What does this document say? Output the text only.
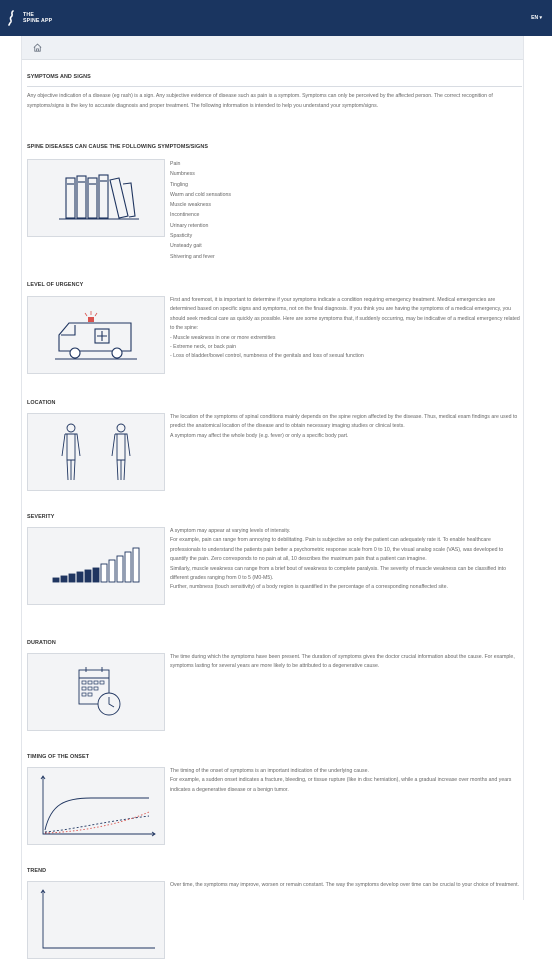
THE
SPINE APP	EN ▾
SYMPTOMS AND SIGNS
Any objective indication of a disease (eg rash) is a sign. Any subjective evidence of disease such as pain is a symptom. Symptoms can only be perceived by the affected person. The correct recognition of symptoms/signs is the key to accurate diagnosis and proper treatment. The following information is intended to help you understand your symptom/signs.
SPINE DISEASES CAN CAUSE THE FOLLOWING SYMPTOMS/SIGNS
Pain
Numbness
Tingling
Warm and cold sensations
Muscle weakness
Incontinence
Urinary retention
Spasticity
Unsteady gait
Shivering and fever
LEVEL OF URGENCY
First and foremost, it is important to determine if your symptoms indicate a condition requiring emergency treatment. Medical emergencies are determined based on specific signs and symptoms, not on the final diagnosis. If you think you are having the symptoms of a medical emergency, you should seek medical care as quickly as possible. Here are some symptoms that, if suddenly occurring, may be indicative of a medical emergency related to the spine:
- Muscle weakness in one or more extremities
- Extreme neck, or back pain
- Loss of bladder/bowel control, numbness of the genitals and loss of sexual function
LOCATION
The location of the symptoms of spinal conditions mainly depends on the spine region affected by the disease. Thus, medical exam findings are used to predict the anatomical location of the disease and to obtain necessary imaging studies or clinical tests.
A symptom may affect the whole body (e.g. fever) or only a specific body part.
SEVERITY
A symptom may appear at varying levels of intensity.
For example, pain can range from annoying to debilitating. Pain is subjective so only the patient can adequately rate it. To enable healthcare professionals to understand the patients pain better a psychometric response scale from 0 to 10, the visual analog scale (VAS), was developed to quantify the pain. Zero corresponds to no pain at all, 10 describes the maximum pain that a patient can imagine.
Similarly, muscle weakness can range from a brief bout of weakness to complete paralysis. The severity of muscle weakness can be classified into different grades ranging from 0 to 5 (M0-M5).
Further, numbness (touch sensitivity) of a body region is quantified in the percentage of a corresponding nonaffected site.
DURATION
The time during which the symptoms have been present. The duration of symptoms gives the doctor crucial information about the cause. For example, symptoms lasting for several years are more likely to be attributed to a degenerative cause.
TIMING OF THE ONSET
The timing of the onset of symptoms is an important indication of the underlying cause.
For example, a sudden onset indicates a fracture, bleeding, or tissue rupture (like in disc herniation), while a gradual increase over months and years indicates a degenerative disease or a benign tumor.
TREND
Over time, the symptoms may improve, worsen or remain constant. The way the symptoms develop over time can be crucial to your choice of treatment.
